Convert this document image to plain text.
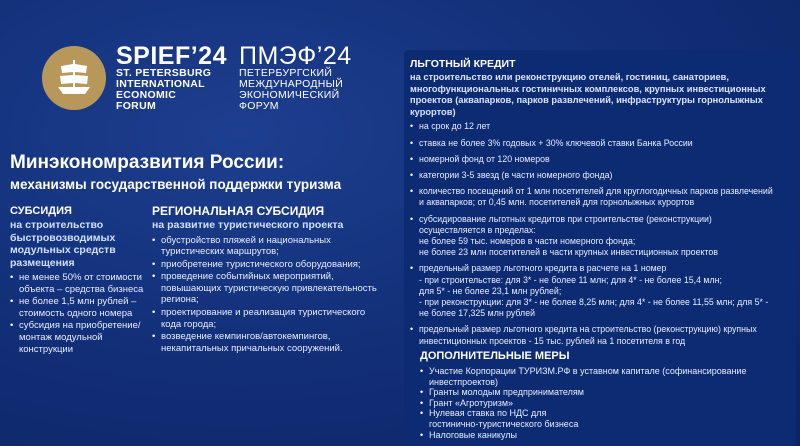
SPIEF’24
ST. PETERSBURG
INTERNATIONAL
ECONOMIC
FORUM
ПМЭФ’24
ПЕТЕРБУРГСКИЙ
МЕЖДУНАРОДНЫЙ
ЭКОНОМИЧЕСКИЙ
ФОРУМ
Минэкономразвития России:
механизмы государственной поддержки туризма
СУБСИДИЯ
на строительство
быстровозводимых
модульных средств
размещения
• не менее 50% от стоимости
объекта – средства бизнеса
• не более 1,5 млн рублей –
стоимость одного номера
• субсидия на приобретение/
монтаж модульной
конструкции
РЕГИОНАЛЬНАЯ СУБСИДИЯ
на развитие туристического проекта
• обустройство пляжей и национальных
туристических маршрутов;
• приобретение туристического оборудования;
• проведение событийных мероприятий,
повышающих туристическую привлекательность
региона;
• проектирование и реализация туристического
кода города;
• возведение кемпингов/автокемпингов,
некапитальных причальных сооружений.
ЛЬГОТНЫЙ КРЕДИТ
на строительство или реконструкцию отелей, гостиниц, санаториев,
многофункциональных гостиничных комплексов, крупных инвестиционных
проектов (аквапарков, парков развлечений, инфраструктуры горнолыжных
курортов)
• на срок до 12 лет
• ставка не более 3% годовых + 30% ключевой ставки Банка России
• номерной фонд от 120 номеров
• категории 3-5 звезд (в части номерного фонда)
• количество посещений от 1 млн посетителей для круглогодичных парков развлечений
и аквапарков; от 0,45 млн. посетителей для горнолыжных курортов
• субсидирование льготных кредитов при строительстве (реконструкции)
осуществляется в пределах:
не более 59 тыс. номеров в части номерного фонда;
не более 23 млн посетителей в части крупных инвестиционных проектов
• предельный размер льготного кредита в расчете на 1 номер
- при строительстве: для 3* - не более 11 млн; для 4* - не более 15,4 млн;
для 5* - не более 23,1 млн рублей;
- при реконструкции: для 3* - не более 8,25 млн; для 4* - не более 11,55 млн; для 5* -
не более 17,325 млн рублей
• предельный размер льготного кредита на строительство (реконструкцию) крупных
инвестиционных проектов - 15 тыс. рублей на 1 посетителя в год
ДОПОЛНИТЕЛЬНЫЕ МЕРЫ
• Участие Корпорации ТУРИЗМ.РФ в уставном капитале (софинансирование
инвестпроектов)
• Гранты молодым предпринимателям
• Грант «Агротуризм»
• Нулевая ставка по НДС для
гостинично-туристического бизнеса
• Налоговые каникулы
